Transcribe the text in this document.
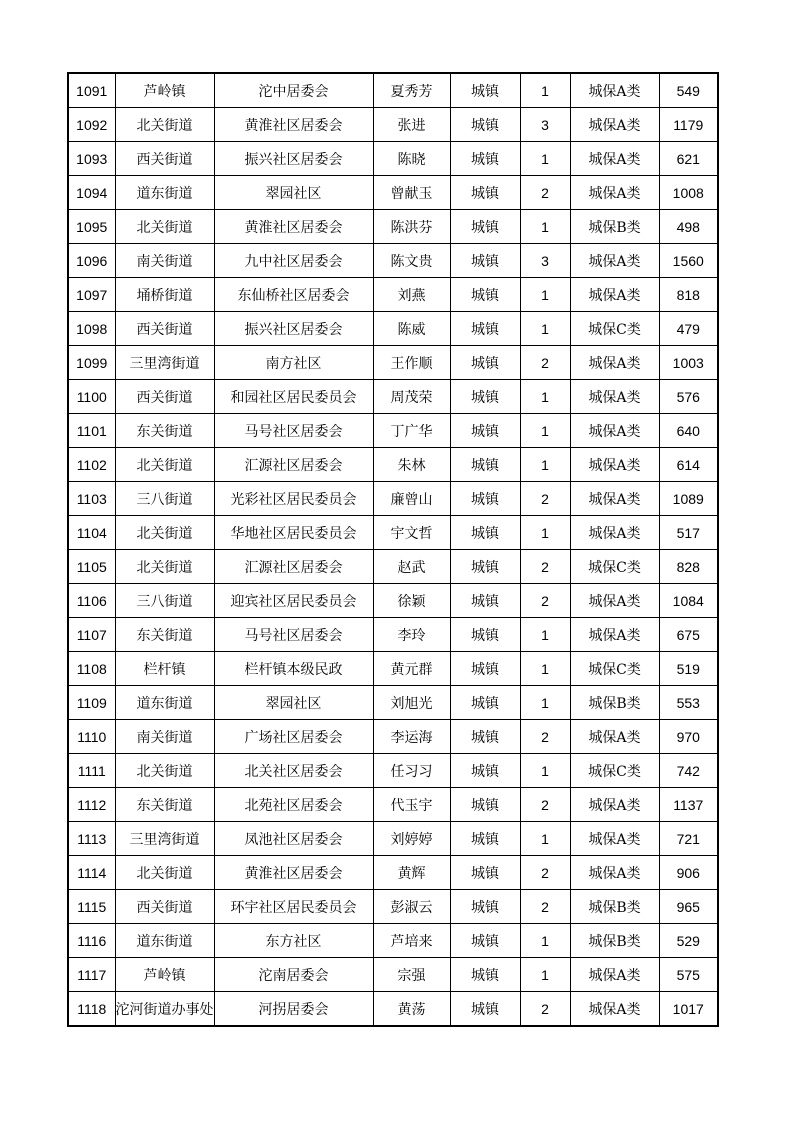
1091	芦岭镇	沱中居委会	夏秀芳	城镇	1	城保A类	549
1092	北关街道	黄淮社区居委会	张进	城镇	3	城保A类	1179
1093	西关街道	振兴社区居委会	陈晓	城镇	1	城保A类	621
1094	道东街道	翠园社区	曾献玉	城镇	2	城保A类	1008
1095	北关街道	黄淮社区居委会	陈洪芬	城镇	1	城保B类	498
1096	南关街道	九中社区居委会	陈文贵	城镇	3	城保A类	1560
1097	埇桥街道	东仙桥社区居委会	刘燕	城镇	1	城保A类	818
1098	西关街道	振兴社区居委会	陈威	城镇	1	城保C类	479
1099	三里湾街道	南方社区	王作顺	城镇	2	城保A类	1003
1100	西关街道	和园社区居民委员会	周茂荣	城镇	1	城保A类	576
1101	东关街道	马号社区居委会	丁广华	城镇	1	城保A类	640
1102	北关街道	汇源社区居委会	朱林	城镇	1	城保A类	614
1103	三八街道	光彩社区居民委员会	廉曾山	城镇	2	城保A类	1089
1104	北关街道	华地社区居民委员会	宇文哲	城镇	1	城保A类	517
1105	北关街道	汇源社区居委会	赵武	城镇	2	城保C类	828
1106	三八街道	迎宾社区居民委员会	徐颖	城镇	2	城保A类	1084
1107	东关街道	马号社区居委会	李玲	城镇	1	城保A类	675
1108	栏杆镇	栏杆镇本级民政	黄元群	城镇	1	城保C类	519
1109	道东街道	翠园社区	刘旭光	城镇	1	城保B类	553
1110	南关街道	广场社区居委会	李运海	城镇	2	城保A类	970
1111	北关街道	北关社区居委会	任习习	城镇	1	城保C类	742
1112	东关街道	北苑社区居委会	代玉宇	城镇	2	城保A类	1137
1113	三里湾街道	凤池社区居委会	刘婷婷	城镇	1	城保A类	721
1114	北关街道	黄淮社区居委会	黄辉	城镇	2	城保A类	906
1115	西关街道	环宇社区居民委员会	彭淑云	城镇	2	城保B类	965
1116	道东街道	东方社区	芦培来	城镇	1	城保B类	529
1117	芦岭镇	沱南居委会	宗强	城镇	1	城保A类	575
1118	沱河街道办事处	河拐居委会	黄荡	城镇	2	城保A类	1017
